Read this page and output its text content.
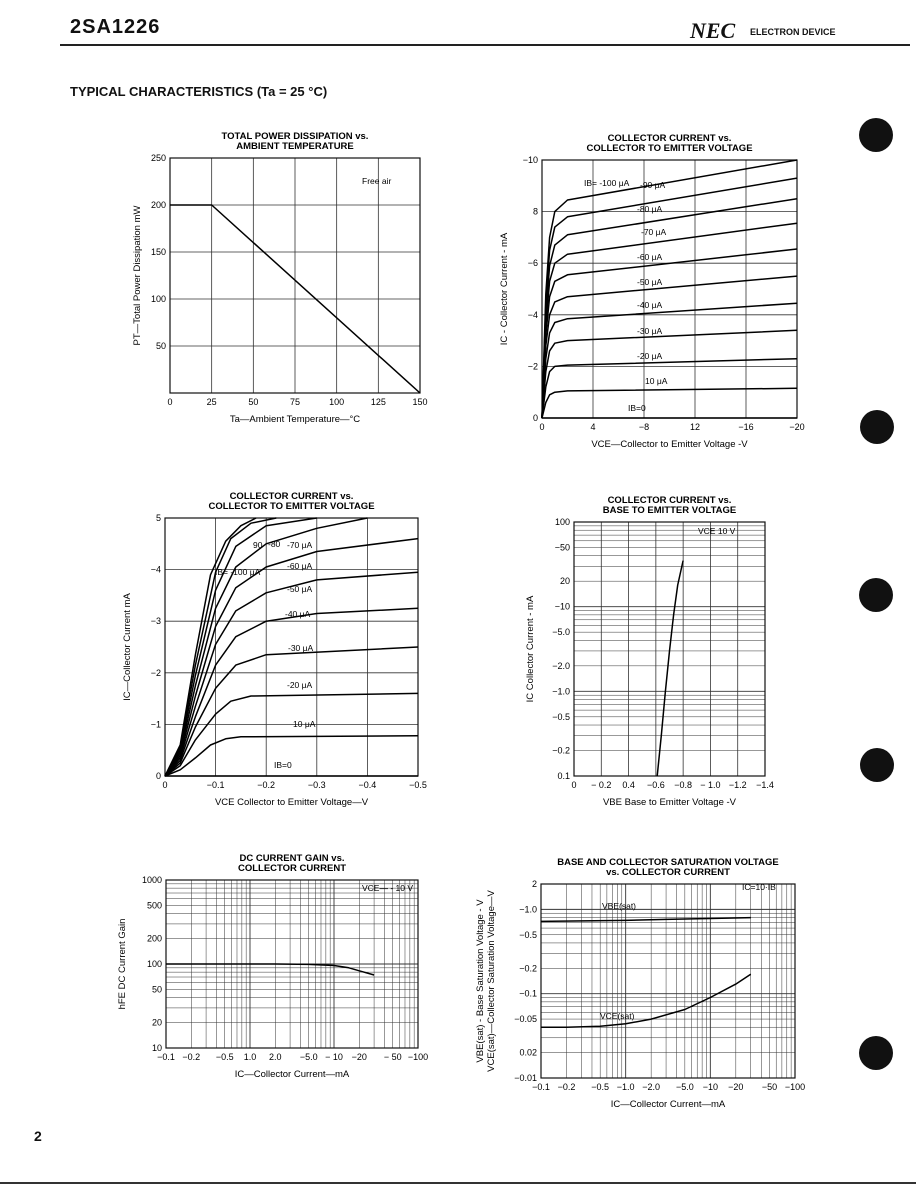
2SA1226	NEC ELECTRON DEVICE
TYPICAL CHARACTERISTICS (Ta = 25 °C)
TOTAL POWER DISSIPATION vs.
AMBIENT TEMPERATURE
0	25	50	75	100	125	150
50
100
150
200
250
Ta—Ambient Temperature—°C
PT—Total Power Dissipation mW
Free air
COLLECTOR CURRENT vs.
COLLECTOR TO EMITTER VOLTAGE
0	4	−8	12	−16	−20
0
−2
−4
−6
8
−10
VCE—Collector to Emitter Voltage -V
IC - Collector Current - mA
IB= -100 μA -90 μA
-80 μA
-70 μA
-60 μA
-50 μA
-40 μA
-30 μA
-20 μA
10 μA
IB=0
COLLECTOR CURRENT vs.
COLLECTOR TO EMITTER VOLTAGE
0	−0.1	−0.2	−0.3	−0.4	−0.5
0
−1
−2
−3
−4
5
VCE Collector to Emitter Voltage—V
IC—Collector Current mA
IB= -100 μA
90 -80 -70 μA
-60 μA
-50 μA
-40 μA
-30 μA
-20 μA
10 μA
IB=0
COLLECTOR CURRENT vs.
BASE TO EMITTER VOLTAGE
0 − 0.2 0.4 −0.6 −0.8 − 1.0 −1.2 −1.4
0.1
−0.2
−0.5
−1.0
−2.0
−5.0
−10
20
−50
100
VBE Base to Emitter Voltage -V
IC Collector Current - mA
VCE 10 V
DC CURRENT GAIN vs.
COLLECTOR CURRENT
−0.1 −0.2 −0.5 1.0 2.0 −5.0 − 10 −20 − 50 −100
10
20
50
100
200
500
1000
IC—Collector Current—mA
hFE DC Current Gain
VCE— - 10 V
BASE AND COLLECTOR SATURATION VOLTAGE
vs. COLLECTOR CURRENT
−0.1 −0.2 −0.5 −1.0 −2.0 −5.0 −10 −20 −50 −100
−0.01
0.02
−0.05
−0.1
−0.2
−0.5
−1.0
2
IC—Collector Current—mA
VBE(sat) - Base Saturation Voltage - V VCE(sat)—Collector Saturation Voltage—V
IC=10·IB
VBE(sat)
VCE(sat)
2
